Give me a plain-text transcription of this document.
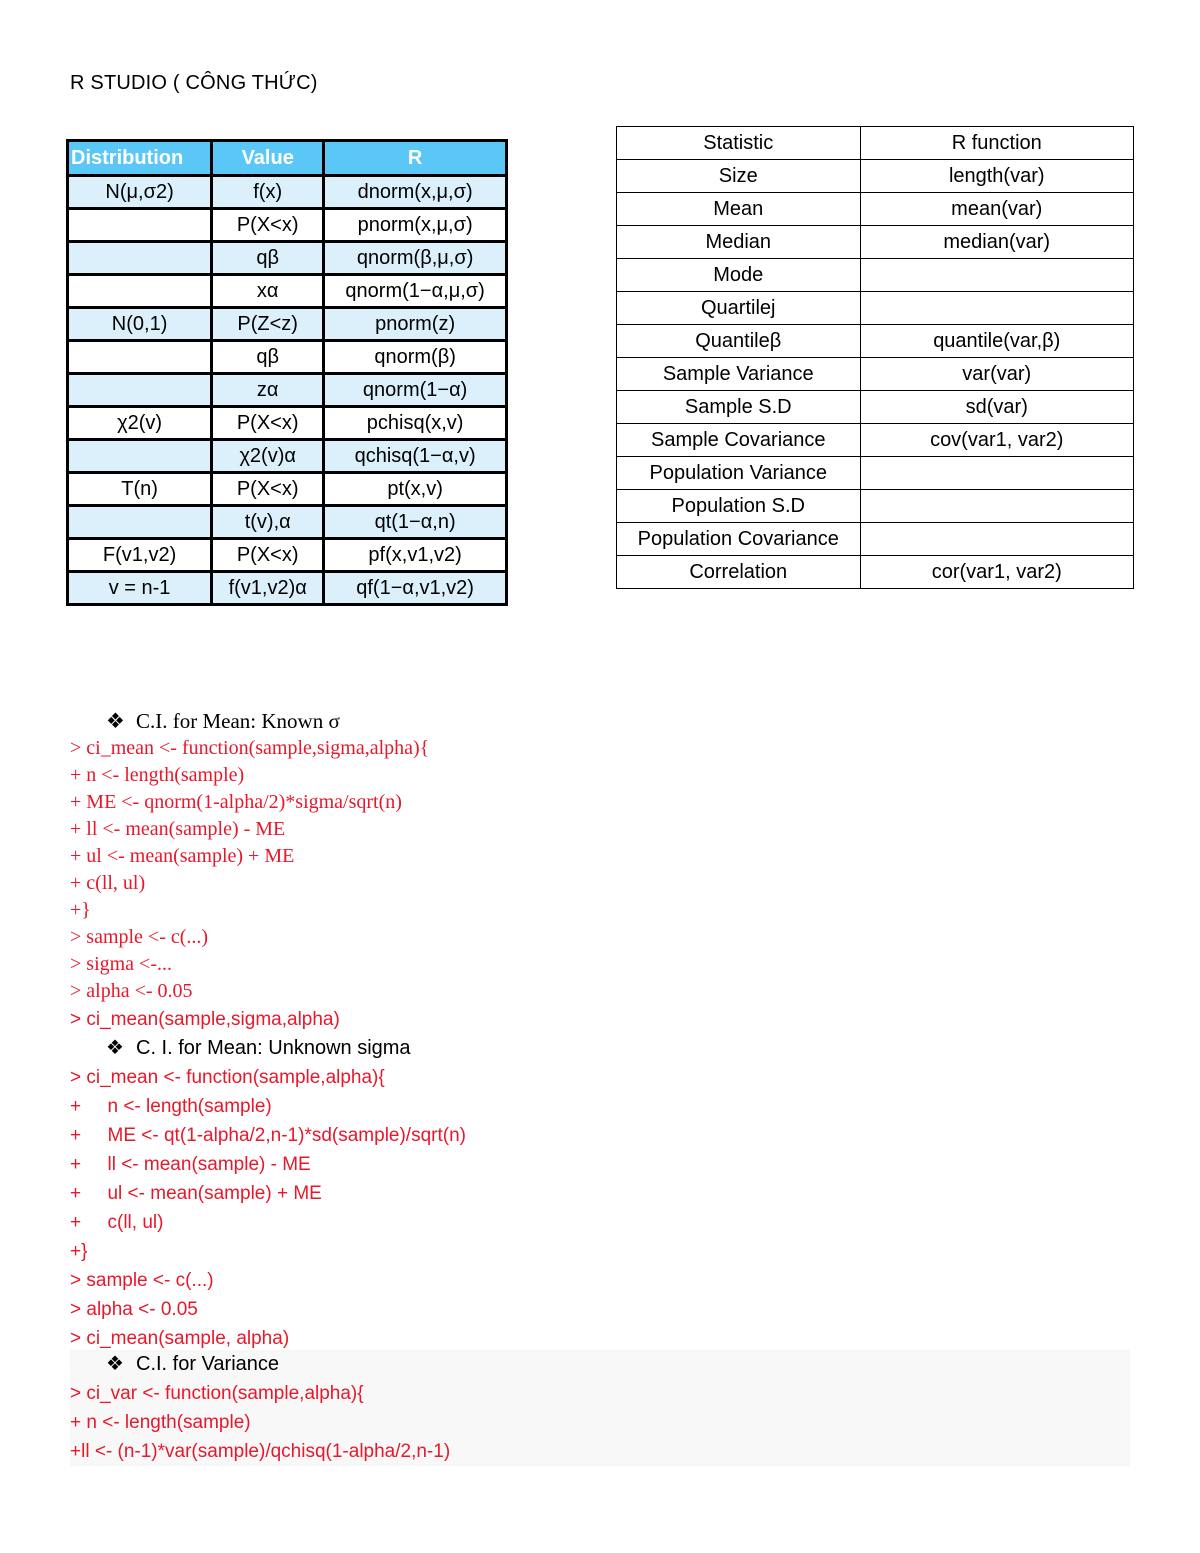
R STUDIO ( CÔNG THỨC)
Distribution	Value	R
N(μ,σ2)	f(x)	dnorm(x,μ,σ)
	P(X<x)	pnorm(x,μ,σ)
	qβ	qnorm(β,μ,σ)
	xα	qnorm(1−α,μ,σ)
N(0,1)	P(Z<z)	pnorm(z)
	qβ	qnorm(β)
	zα	qnorm(1−α)
χ2(v)	P(X<x)	pchisq(x,v)
	χ2(v)α	qchisq(1−α,v)
T(n)	P(X<x)	pt(x,v)
	t(v),α	qt(1−α,n)
F(v1,v2)	P(X<x)	pf(x,v1,v2)
v = n-1	f(v1,v2)α	qf(1−α,v1,v2)
Statistic	R function
Size	length(var)
Mean	mean(var)
Median	median(var)
Mode	
Quartilej	
Quantileβ	quantile(var,β)
Sample Variance	var(var)
Sample S.D	sd(var)
Sample Covariance	cov(var1, var2)
Population Variance	
Population S.D	
Population Covariance	
Correlation	cor(var1, var2)
❖ C.I. for Mean: Known σ
> ci_mean <- function(sample,sigma,alpha){
+ n <- length(sample)
+ ME <- qnorm(1-alpha/2)*sigma/sqrt(n)
+ ll <- mean(sample) - ME
+ ul <- mean(sample) + ME
+ c(ll, ul)
+}
> sample <- c(...)
> sigma <-...
> alpha <- 0.05
> ci_mean(sample,sigma,alpha)
❖ C. I. for Mean: Unknown sigma
> ci_mean <- function(sample,alpha){
+     n <- length(sample)
+     ME <- qt(1-alpha/2,n-1)*sd(sample)/sqrt(n)
+     ll <- mean(sample) - ME
+     ul <- mean(sample) + ME
+     c(ll, ul)
+}
> sample <- c(...)
> alpha <- 0.05
> ci_mean(sample, alpha)
❖ C.I. for Variance
> ci_var <- function(sample,alpha){
+ n <- length(sample)
+ll <- (n-1)*var(sample)/qchisq(1-alpha/2,n-1)
